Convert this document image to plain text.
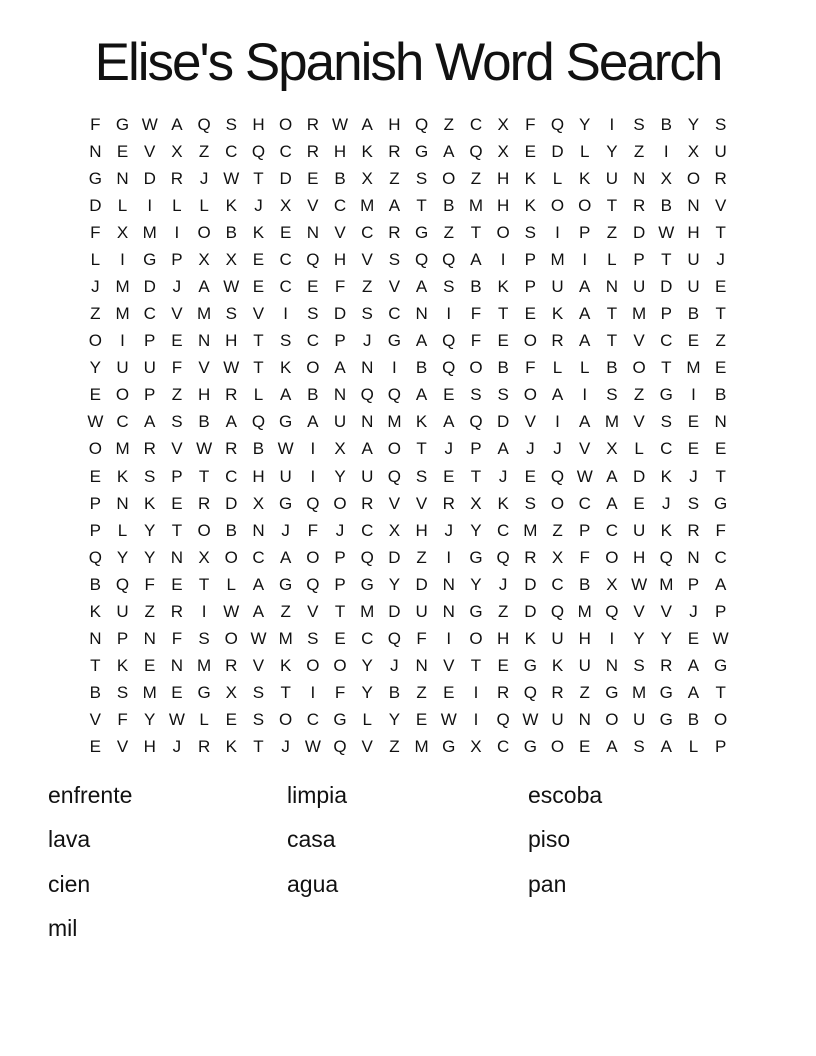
Elise's Spanish Word Search
F G W A Q S H O R W A H Q Z C X F Q Y	I	S B Y S
N E V X Z C Q C R H K R G A Q X E D L Y Z	I	X U
G N D R J W T D E B X Z S O Z H K L K U N X O R
D L	I	L	L K	J	X V C M A T B M H K O O T R B N V
F X M	I	O B K E N V C R G Z T O S	I	P Z D W H T
L	I	G P X X E C Q H V S Q Q A	I	P M	I	L P T U J
J M D J	A W E C E F Z V A S B K P U A N U D U E
Z M C V M S V	I	S D S C N	I	F T E K A T M P B T
O	I	P E N H T S C P	J G A Q F E O R A T V C E Z
Y U U F V W T K O A N	I	B Q O B F	L	L B O T M E
E O P Z H R L A B N Q Q A E S S O A	I	S Z G	I	B
W C A S B A Q G A U N M K A Q D V	I	A M V S E N
O M R V W R B W I	X A O T	J	P A	J	J	V X L C E E
E K S P T C H U	I	Y U Q S E T	J	E Q W A D K	J	T
P N K E R D X G Q O R V V R X K S O C A E	J	S G
P L Y T O B N J	F	J C X H J	Y C M Z P C U K R F
Q Y Y N X O C A O P Q D Z	I	G Q R X F O H Q N C
B Q F E T	L A G Q P G Y D N Y	J D C B X W M P A
K U Z R	I W A Z V T M D U N G Z D Q M Q V V	J	P
N P N F S O W M S E C Q F	I	O H K U H	I	Y Y E W
T K E N M R V K O O Y	J N V T E G K U N S R A G
B S M E G X S T	I	F Y B Z E	I	R Q R Z G M G A T
V F Y W L E S O C G L Y E W I	Q W U N O U G B O
E V H J R K T	J W Q V Z M G X C G O E A S A L P
enfrente
lava
cien
mil
limpia
casa
agua
escoba
piso
pan
